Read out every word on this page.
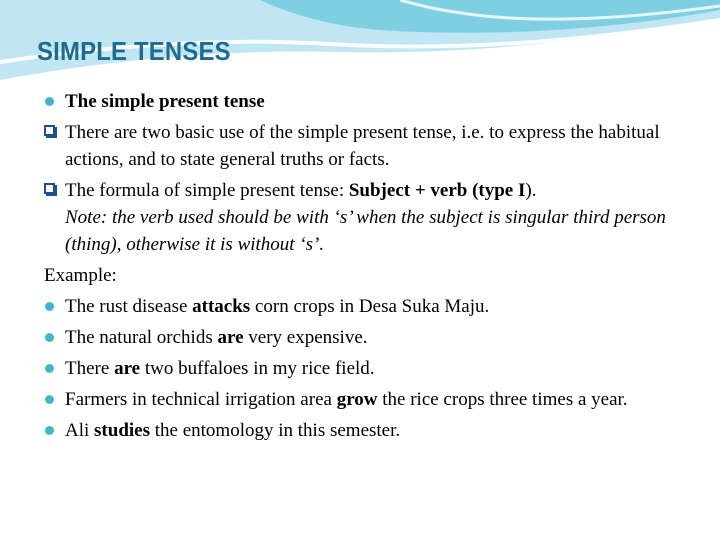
SIMPLE TENSES
The simple present tense
There are two basic use of the simple present tense, i.e. to express the habitual actions, and to state general truths or facts.
The formula of simple present tense: Subject + verb (type I).
Note: the verb used should be with ‘s’ when the subject is singular third person (thing), otherwise it is without ‘s’.
Example:
The rust disease attacks corn crops in Desa Suka Maju.
The natural orchids are very expensive.
There are two buffaloes in my rice field.
Farmers in technical irrigation area grow the rice crops three times a year.
Ali studies the entomology in this semester.
